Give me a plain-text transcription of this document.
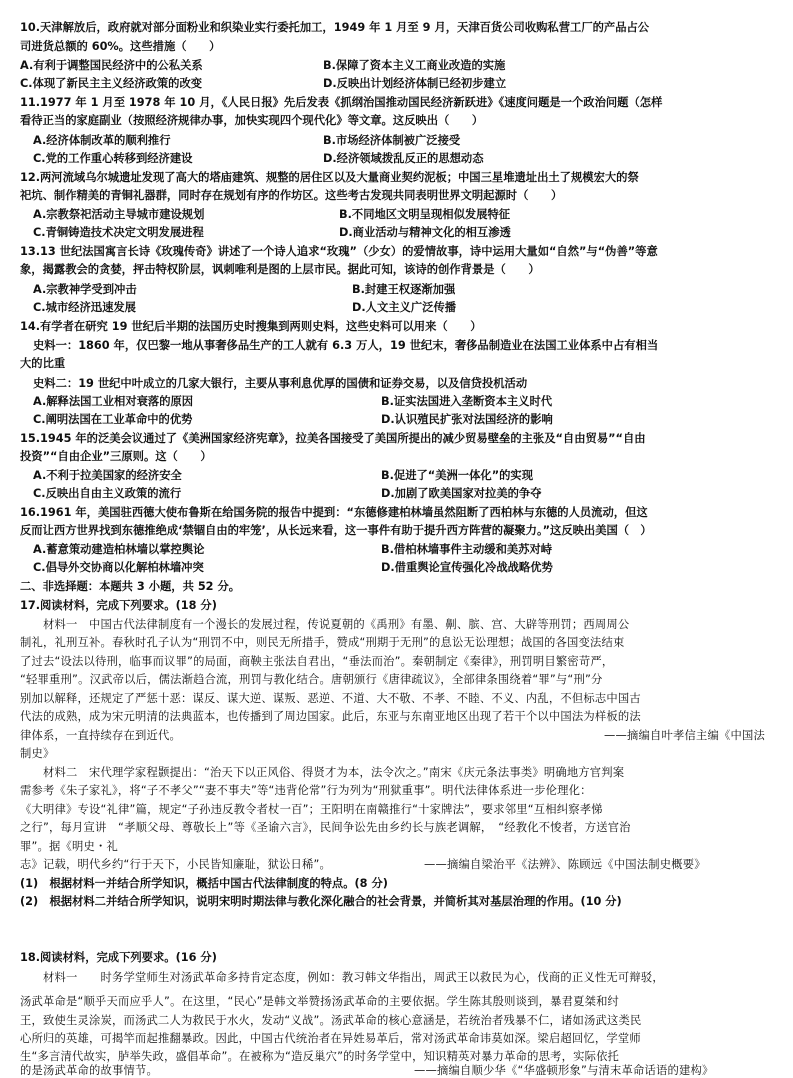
10.天津解放后，政府就对部分面粉业和织染业实行委托加工，1949 年 1 月至 9 月，天津百货公司收购私营工厂的产品占公
司进货总额的 60%。这些措施（　　）
A.有利于调整国民经济中的公私关系	B.保障了资本主义工商业改造的实施
C.体现了新民主主义经济政策的改变	D.反映出计划经济体制已经初步建立
11.1977 年 1 月至 1978 年 10 月，《人民日报》先后发表《抓纲治国推动国民经济新跃进》《速度问题是一个政治问题（怎样
看待正当的家庭副业（按照经济规律办事，加快实现四个现代化》等文章。这反映出（　　）
A.经济体制改革的顺利推行	B.市场经济体制被广泛接受
C.党的工作重心转移到经济建设	D.经济领域拨乱反正的思想动态
12.两河流域乌尔城遗址发现了高大的塔庙建筑、规整的居住区以及大量商业契约泥板；中国三星堆遗址出土了规模宏大的祭
祀坑、制作精美的青铜礼器群，同时存在规划有序的作坊区。这些考古发现共同表明世界文明起源时（　　）
A.宗教祭祀活动主导城市建设规划	B.不同地区文明呈现相似发展特征
C.青铜铸造技术决定文明发展进程	D.商业活动与精神文化的相互渗透
13.13 世纪法国寓言长诗《玫瑰传奇》讲述了一个诗人追求“玫瑰”（少女）的爱情故事，诗中运用大量如“自然”与“伪善”等意
象，揭露教会的贪婪，抨击特权阶层，讽刺唯利是图的上层市民。据此可知，该诗的创作背景是（　　）
A.宗教神学受到冲击	B.封建王权逐渐加强
C.城市经济迅速发展	D.人文主义广泛传播
14.有学者在研究 19 世纪后半期的法国历史时搜集到两则史料，这些史料可以用来（　　）
史料一：1860 年，仅巴黎一地从事奢侈品生产的工人就有 6.3 万人，19 世纪末，奢侈品制造业在法国工业体系中占有相当
大的比重
史料二：19 世纪中叶成立的几家大银行，主要从事利息优厚的国债和证券交易，以及信贷投机活动
A.解释法国工业相对衰落的原因	B.证实法国进入垄断资本主义时代
C.阐明法国在工业革命中的优势	D.认识殖民扩张对法国经济的影响
15.1945 年的泛美会议通过了《美洲国家经济宪章》，拉美各国接受了美国所提出的减少贸易壁垒的主张及“自由贸易”“自由
投资”“自由企业”三原则。这（　　）
A.不利于拉美国家的经济安全	B.促进了“美洲一体化”的实现
C.反映出自由主义政策的流行	D.加剧了欧美国家对拉美的争夺
16.1961 年，美国驻西德大使布鲁斯在给国务院的报告中提到：“东德修建柏林墙虽然阻断了西柏林与东德的人员流动，但这
反而让西方世界找到东德推绝成‘禁锢自由的牢笼’，从长远来看，这一事件有助于提升西方阵营的凝聚力。”这反映出美国（　）
A.蓄意策动建造柏林墙以掌控舆论	B.借柏林墙事件主动缓和美苏对峙
C.倡导外交协商以化解柏林墙冲突	D.借重舆论宣传强化冷战战略优势
二、非选择题：本题共 3 小题，共 52 分。
17.阅读材料，完成下列要求。(18 分)
　　材料一　中国古代法律制度有一个漫长的发展过程，传说夏朝的《禹刑》有墨、劓、膑、宫、大辟等刑罚；西周周公
制礼，礼刑互补。春秋时孔子认为“刑罚不中，则民无所措手，赞成“刑期于无刑”的息讼无讼理想；战国的各国变法结束
了过去“设法以待刑，临事而议罪”的局面，商鞅主张法自君出，“垂法而治”。秦朝制定《秦律》，刑罚明目繁密苛严，
“轻罪重刑”。汉武帝以后，儒法渐趋合流，刑罚与教化结合。唐朝颁行《唐律疏议》，全部律条围绕着“罪”与“刑”分
别加以解释，还规定了严惩十恶：谋反、谋大逆、谋叛、恶逆、不道、大不敬、不孝、不睦、不义、内乱，不但标志中国古
代法的成熟，成为宋元明清的法典蓝本，也传播到了周边国家。此后，东亚与东南亚地区出现了若干个以中国法为样板的法
律体系，一直持续存在到近代。	——摘编自叶孝信主编《中国法
制史》
　　材料二　宋代理学家程颢提出：“治天下以正风俗、得贤才为本，法令次之。”南宋《庆元条法事类》明确地方官判案
需参考《朱子家礼》，将“子不孝父”“妻不事夫”等“违背伦常”行为列为“刑狱重事”。明代法律体系进一步伦理化：
《大明律》专设“礼律”篇，规定“子孙违反教令者杖一百”；王阳明在南赣推行“十家牌法”，要求邻里“互相纠察孝悌
之行”，每月宣讲　“孝顺父母、尊敬长上”等《圣谕六言》，民间争讼先由乡约长与族老调解，　“经教化不悛者，方送官治
罪”。据《明史・礼
志》记载，明代乡约“行于天下，小民皆知廉耻，狱讼日稀”。	——摘编自梁治平《法辨》、陈顾远《中国法制史概要》
(1)　根据材料一并结合所学知识，概括中国古代法律制度的特点。(8 分)
(2)　根据材料二并结合所学知识，说明宋明时期法律与教化深化融合的社会背景，并简析其对基层治理的作用。(10 分)
18.阅读材料，完成下列要求。(16 分)
　　材料一　　时务学堂师生对汤武革命多持肯定态度，例如：教习韩文华指出，周武王以救民为心，伐商的正义性无可辩驳，
汤武革命是“顺乎天而应乎人”。在这里，“民心”是韩文举赞扬汤武革命的主要依据。学生陈其殷则谈到，暴君夏桀和纣
王，致使生灵涂炭，而汤武二人为救民于水火，发动“义战”。汤武革命的核心意涵是，若统治者残暴不仁，诸如汤武这类民
心所归的英雄，可揭竿而起推翻暴政。因此，中国古代统治者在异姓易革后，常对汤武革命讳莫如深。梁启超回忆，学堂师
生“多言清代故实，胪举失政，盛倡革命”。在被称为“造反巢穴”的时务学堂中，知识精英对暴力革命的思考，实际依托
的是汤武革命的故事情节。	——摘编自顺少华《“华盛顿形象”与清末革命话语的建构》
